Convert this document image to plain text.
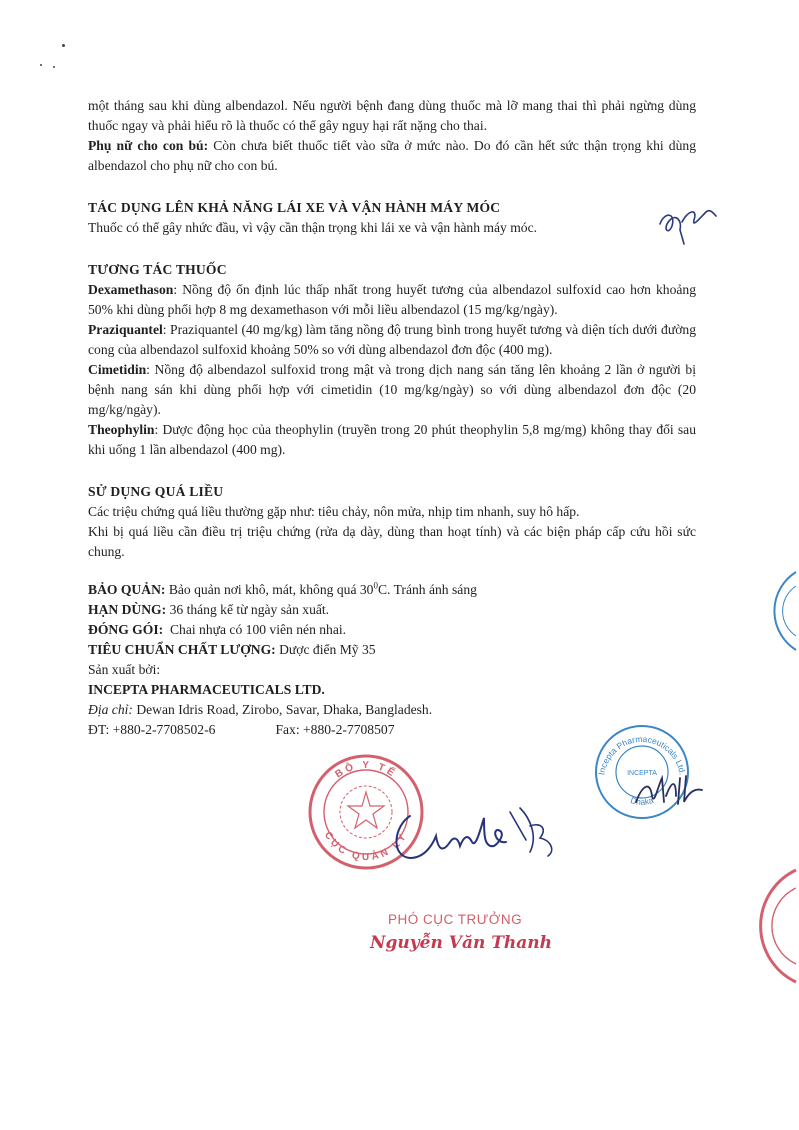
một tháng sau khi dùng albendazol. Nếu người bệnh đang dùng thuốc mà lỡ mang thai thì phải ngừng dùng thuốc ngay và phải hiểu rõ là thuốc có thể gây nguy hại rất nặng cho thai.

Phụ nữ cho con bú: Còn chưa biết thuốc tiết vào sữa ở mức nào. Do đó cần hết sức thận trọng khi dùng albendazol cho phụ nữ cho con bú.

TÁC DỤNG LÊN KHẢ NĂNG LÁI XE VÀ VẬN HÀNH MÁY MÓC

Thuốc có thể gây nhức đầu, vì vậy cần thận trọng khi lái xe và vận hành máy móc.

TƯƠNG TÁC THUỐC

Dexamethason: Nồng độ ổn định lúc thấp nhất trong huyết tương của albendazol sulfoxid cao hơn khoảng 50% khi dùng phối hợp 8 mg dexamethason với mỗi liều albendazol (15 mg/kg/ngày).

Praziquantel: Praziquantel (40 mg/kg) làm tăng nồng độ trung bình trong huyết tương và diện tích dưới đường cong của albendazol sulfoxid khoảng 50% so với dùng albendazol đơn độc (400 mg).

Cimetidin: Nồng độ albendazol sulfoxid trong mật và trong dịch nang sán tăng lên khoảng 2 lần ở người bị bệnh nang sán khi dùng phối hợp với cimetidin (10 mg/kg/ngày) so với dùng albendazol đơn độc (20 mg/kg/ngày).

Theophylin: Dược động học của theophylin (truyền trong 20 phút theophylin 5,8 mg/mg) không thay đổi sau khi uống 1 lần albendazol (400 mg).

SỬ DỤNG QUÁ LIỀU

Các triệu chứng quá liều thường gặp như: tiêu chảy, nôn mửa, nhịp tim nhanh, suy hô hấp.

Khi bị quá liều cần điều trị triệu chứng (rửa dạ dày, dùng than hoạt tính) và các biện pháp cấp cứu hồi sức chung.

BẢO QUẢN: Bảo quản nơi khô, mát, không quá $30^0C$. Tránh ánh sáng

HẠN DÙNG: 36 tháng kể từ ngày sản xuất.

ĐÓNG GÓI:  Chai nhựa có 100 viên nén nhai.

TIÊU CHUẨN CHẤT LƯỢNG: Dược điển Mỹ 35

Sản xuất bởi:

INCEPTA PHARMACEUTICALS LTD.

Địa chỉ: Dewan Idris Road, Zirobo, Savar, Dhaka, Bangladesh.

ĐT: +880-2-7708502-6	Fax: +880-2-7708507

BỘ Y TẾ
CỤC QUẢN LÝ
Incepta Pharmaceuticals Ltd.
Dhaka
INCEPTA
PHÓ CỤC TRƯỞNG
Nguyễn Văn Thanh
